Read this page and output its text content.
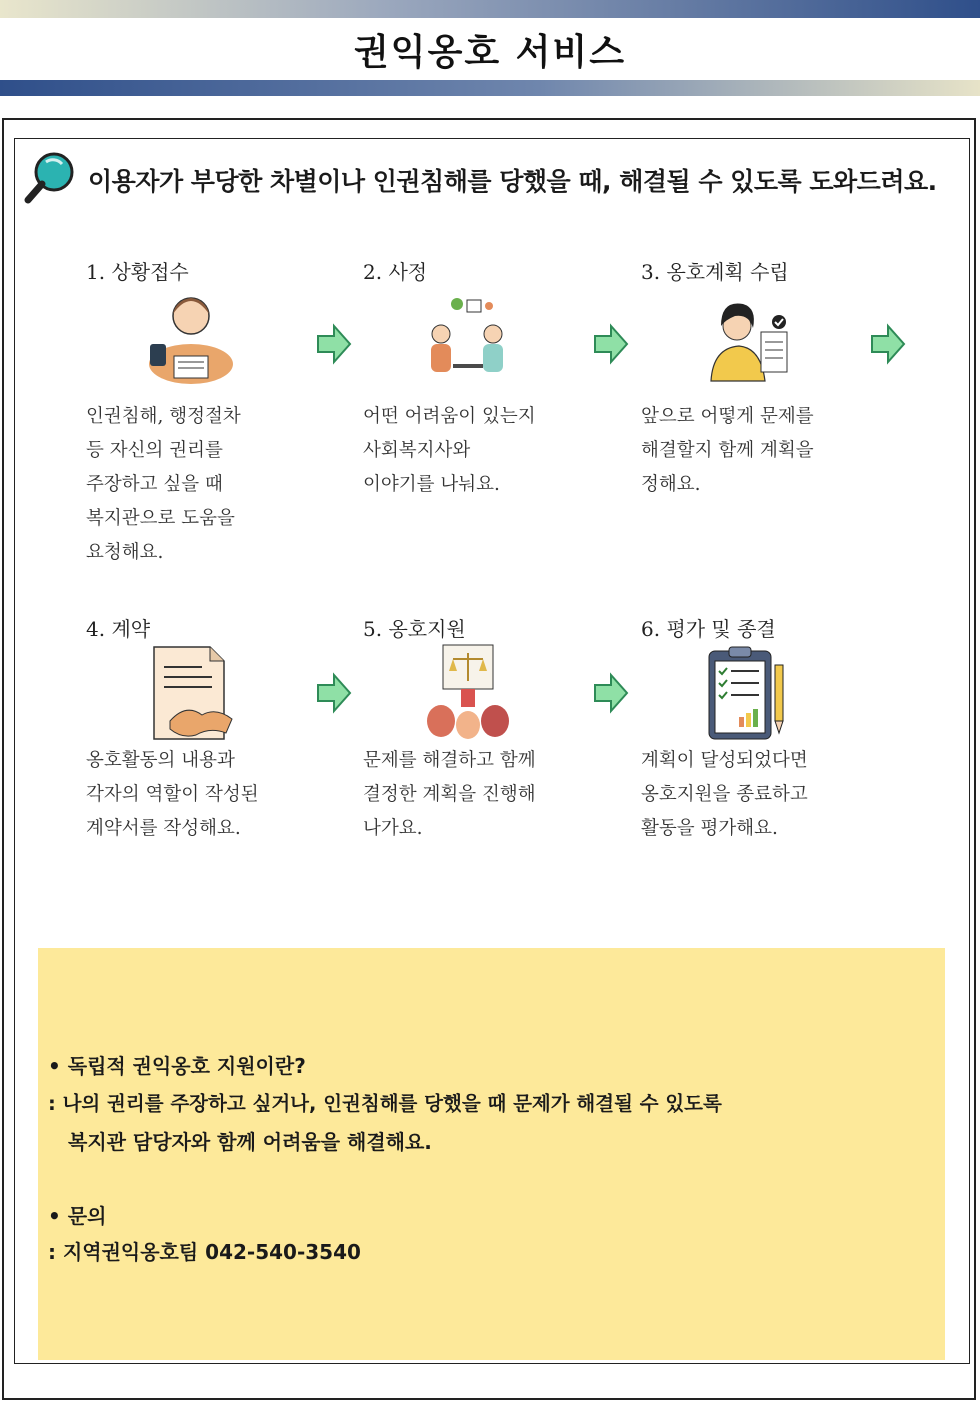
권익옹호 서비스
이용자가 부당한 차별이나 인권침해를 당했을 때, 해결될 수 있도록 도와드려요.
1. 상황접수
인권침해, 행정절차
등 자신의 권리를
주장하고 싶을 때
복지관으로 도움을
요청해요.
2. 사정
어떤 어려움이 있는지
사회복지사와
이야기를 나눠요.
3. 옹호계획 수립
앞으로 어떻게 문제를
해결할지 함께 계획을
정해요.
4. 계약
옹호활동의 내용과
각자의 역할이 작성된
계약서를 작성해요.
5. 옹호지원
문제를 해결하고 함께
결정한 계획을 진행해
나가요.
6. 평가 및 종결
계획이 달성되었다면
옹호지원을 종료하고
활동을 평가해요.
• 독립적 권익옹호 지원이란?
: 나의 권리를 주장하고 싶거나, 인권침해를 당했을 때 문제가 해결될 수 있도록
복지관 담당자와 함께 어려움을 해결해요.
• 문의
: 지역권익옹호팀 042-540-3540
